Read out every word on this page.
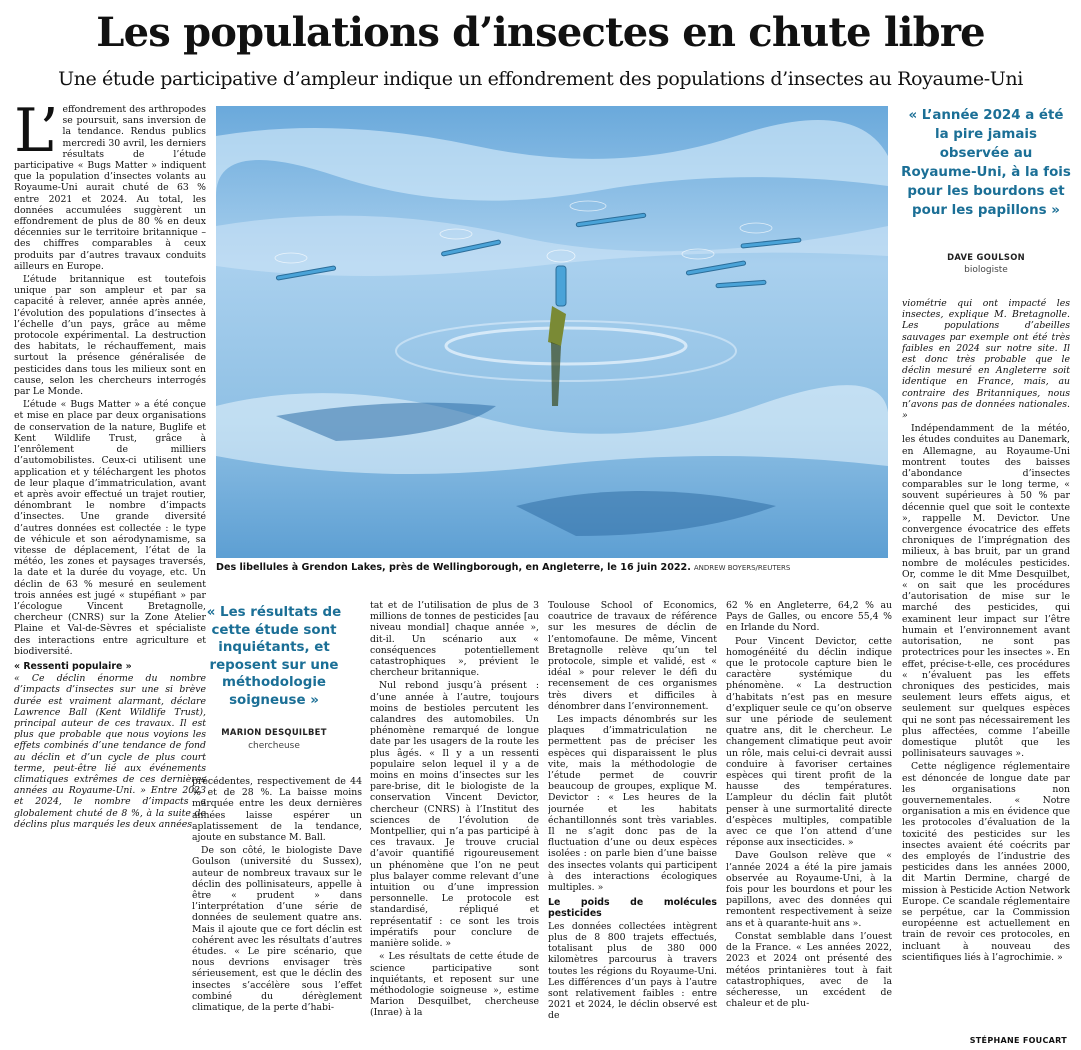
Les populations d’insectes en chute libre
Une étude participative d’ampleur indique un effondrement des populations d’insectes au Royaume-Uni
L’ effondrement des arthropodes se poursuit, sans inversion de la tendance. Rendus publics mercredi 30 avril, les derniers résultats de l’étude participative « Bugs Matter » indiquent que la population d’insectes volants au Royaume-Uni aurait chuté de 63 % entre 2021 et 2024. Au total, les données accumulées suggèrent un effondrement de plus de 80 % en deux décennies sur le territoire britannique – des chiffres comparables à ceux produits par d’autres travaux conduits ailleurs en Europe.

L’étude britannique est toutefois unique par son ampleur et par sa capacité à relever, année après année, l’évolution des populations d’insectes à l’échelle d’un pays, grâce au même protocole expérimental. La destruction des habitats, le réchauffement, mais surtout la présence généralisée de pesticides dans tous les milieux sont en cause, selon les chercheurs interrogés par Le Monde.

L’étude « Bugs Matter » a été conçue et mise en place par deux organisations de conservation de la nature, Buglife et Kent Wildlife Trust, grâce à l’enrôlement de milliers d’automobilistes. Ceux-ci utilisent une application et y téléchargent les photos de leur plaque d’immatriculation, avant et après avoir effectué un trajet routier, dénombrant le nombre d’impacts d’insectes. Une grande diversité d’autres données est collectée : le type de véhicule et son aérodynamisme, sa vitesse de déplacement, l’état de la météo, les zones et paysages traversés, la date et la durée du voyage, etc. Un déclin de 63 % mesuré en seulement trois années est jugé « stupéfiant » par l’écologue Vincent Bretagnolle, chercheur (CNRS) sur la Zone Atelier Plaine et Val-de-Sèvres et spécialiste des interactions entre agriculture et biodiversité.

« Ressenti populaire »

« Ce déclin énorme du nombre d’impacts d’insectes sur une si brève durée est vraiment alarmant, déclare Lawrence Ball (Kent Wildlife Trust), principal auteur de ces travaux. Il est plus que probable que nous voyions les effets combinés d’une tendance de fond au déclin et d’un cycle de plus court terme, peut-être lié aux événements climatiques extrêmes de ces dernières années au Royaume-Uni. » Entre 2023 et 2024, le nombre d’impacts a globalement chuté de 8 %, à la suite de déclins plus marqués les deux années

Des libellules à Grendon Lakes, près de Wellingborough, en Angleterre, le 16 juin 2022. ANDREW BOYERS/REUTERS
« Les résultats de cette étude sont inquiétants, et reposent sur une méthodologie soigneuse »
MARION DESQUILBET
chercheuse

précédentes, respectivement de 44 % et de 28 %. La baisse moins marquée entre les deux dernières années laisse espérer un aplatissement de la tendance, ajoute en substance M. Ball.

De son côté, le biologiste Dave Goulson (université du Sussex), auteur de nombreux travaux sur le déclin des pollinisateurs, appelle à être « prudent » dans l’interprétation d’une série de données de seulement quatre ans. Mais il ajoute que ce fort déclin est cohérent avec les résultats d’autres études. « Le pire scénario, que nous devrions envisager très sérieusement, est que le déclin des insectes s’accélère sous l’effet combiné du dérèglement climatique, de la perte d’habi-

tat et de l’utilisation de plus de 3 millions de tonnes de pesticides [au niveau mondial] chaque année », dit-il. Un scénario aux « conséquences potentiellement catastrophiques », prévient le chercheur britannique.

Nul rebond jusqu’à présent : d’une année à l’autre, toujours moins de bestioles percutent les calandres des automobiles. Un phénomène remarqué de longue date par les usagers de la route les plus âgés. « Il y a un ressenti populaire selon lequel il y a de moins en moins d’insectes sur les pare-brise, dit le biologiste de la conservation Vincent Devictor, chercheur (CNRS) à l’Institut des sciences de l’évolution de Montpellier, qui n’a pas participé à ces travaux. Je trouve crucial d’avoir quantifié rigoureusement un phénomène que l’on ne peut plus balayer comme relevant d’une intuition ou d’une impression personnelle. Le protocole est standardisé, répliqué et représentatif : ce sont les trois impératifs pour conclure de manière solide. »

« Les résultats de cette étude de science participative sont inquiétants, et reposent sur une méthodologie soigneuse », estime Marion Desquilbet, chercheuse (Inrae) à la

Toulouse School of Economics, coautrice de travaux de référence sur les mesures de déclin de l’entomofaune. De même, Vincent Bretagnolle relève qu’un tel protocole, simple et validé, est « idéal » pour relever le défi du recensement de ces organismes très divers et difficiles à dénombrer dans l’environnement.

Les impacts dénombrés sur les plaques d’immatriculation ne permettent pas de préciser les espèces qui disparaissent le plus vite, mais la méthodologie de l’étude permet de couvrir beaucoup de groupes, explique M. Devictor : « Les heures de la journée et les habitats échantillonnés sont très variables. Il ne s’agit donc pas de la fluctuation d’une ou deux espèces isolées : on parle bien d’une baisse des insectes volants qui participent à des interactions écologiques multiples. »

Le poids de molécules pesticides

Les données collectées intègrent plus de 8 800 trajets effectués, totalisant plus de 380 000 kilomètres parcourus à travers toutes les régions du Royaume-Uni. Les différences d’un pays à l’autre sont relativement faibles : entre 2021 et 2024, le déclin observé est de

62 % en Angleterre, 64,2 % au Pays de Galles, ou encore 55,4 % en Irlande du Nord.

Pour Vincent Devictor, cette homogénéité du déclin indique que le protocole capture bien le caractère systémique du phénomène. « La destruction d’habitats n’est pas en mesure d’expliquer seule ce qu’on observe sur une période de seulement quatre ans, dit le chercheur. Le changement climatique peut avoir un rôle, mais celui-ci devrait aussi conduire à favoriser certaines espèces qui tirent profit de la hausse des températures. L’ampleur du déclin fait plutôt penser à une surmortalité directe d’espèces multiples, compatible avec ce que l’on attend d’une réponse aux insecticides. »

Dave Goulson relève que « l’année 2024 a été la pire jamais observée au Royaume-Uni, à la fois pour les bourdons et pour les papillons, avec des données qui remontent respectivement à seize ans et à quarante-huit ans ».

Constat semblable dans l’ouest de la France. « Les années 2022, 2023 et 2024 ont présenté des météos printanières tout à fait catastrophiques, avec de la sécheresse, un excédent de chaleur et de plu-

« L’année 2024 a été la pire jamais observée au Royaume-Uni, à la fois pour les bourdons et pour les papillons »
DAVE GOULSON
biologiste

viométrie qui ont impacté les insectes, explique M. Bretagnolle. Les populations d’abeilles sauvages par exemple ont été très faibles en 2024 sur notre site. Il est donc très probable que le déclin mesuré en Angleterre soit identique en France, mais, au contraire des Britanniques, nous n’avons pas de données nationales. »

Indépendamment de la météo, les études conduites au Danemark, en Allemagne, au Royaume-Uni montrent toutes des baisses d’abondance d’insectes comparables sur le long terme, « souvent supérieures à 50 % par décennie quel que soit le contexte », rappelle M. Devictor. Une convergence évocatrice des effets chroniques de l’imprégnation des milieux, à bas bruit, par un grand nombre de molécules pesticides. Or, comme le dit Mme Desquilbet, « on sait que les procédures d’autorisation de mise sur le marché des pesticides, qui examinent leur impact sur l’être humain et l’environnement avant autorisation, ne sont pas protectrices pour les insectes ». En effet, précise-t-elle, ces procédures « n’évaluent pas les effets chroniques des pesticides, mais seulement leurs effets aigus, et seulement sur quelques espèces qui ne sont pas nécessairement les plus affectées, comme l’abeille domestique plutôt que les pollinisateurs sauvages ».

Cette négligence réglementaire est dénoncée de longue date par les organisations non gouvernementales. « Notre organisation a mis en évidence que les protocoles d’évaluation de la toxicité des pesticides sur les insectes avaient été coécrits par des employés de l’industrie des pesticides dans les années 2000, dit Martin Dermine, chargé de mission à Pesticide Action Network Europe. Ce scandale réglementaire se perpétue, car la Commission européenne est actuellement en train de revoir ces protocoles, en incluant à nouveau des scientifiques liés à l’agrochimie. »

STÉPHANE FOUCART
